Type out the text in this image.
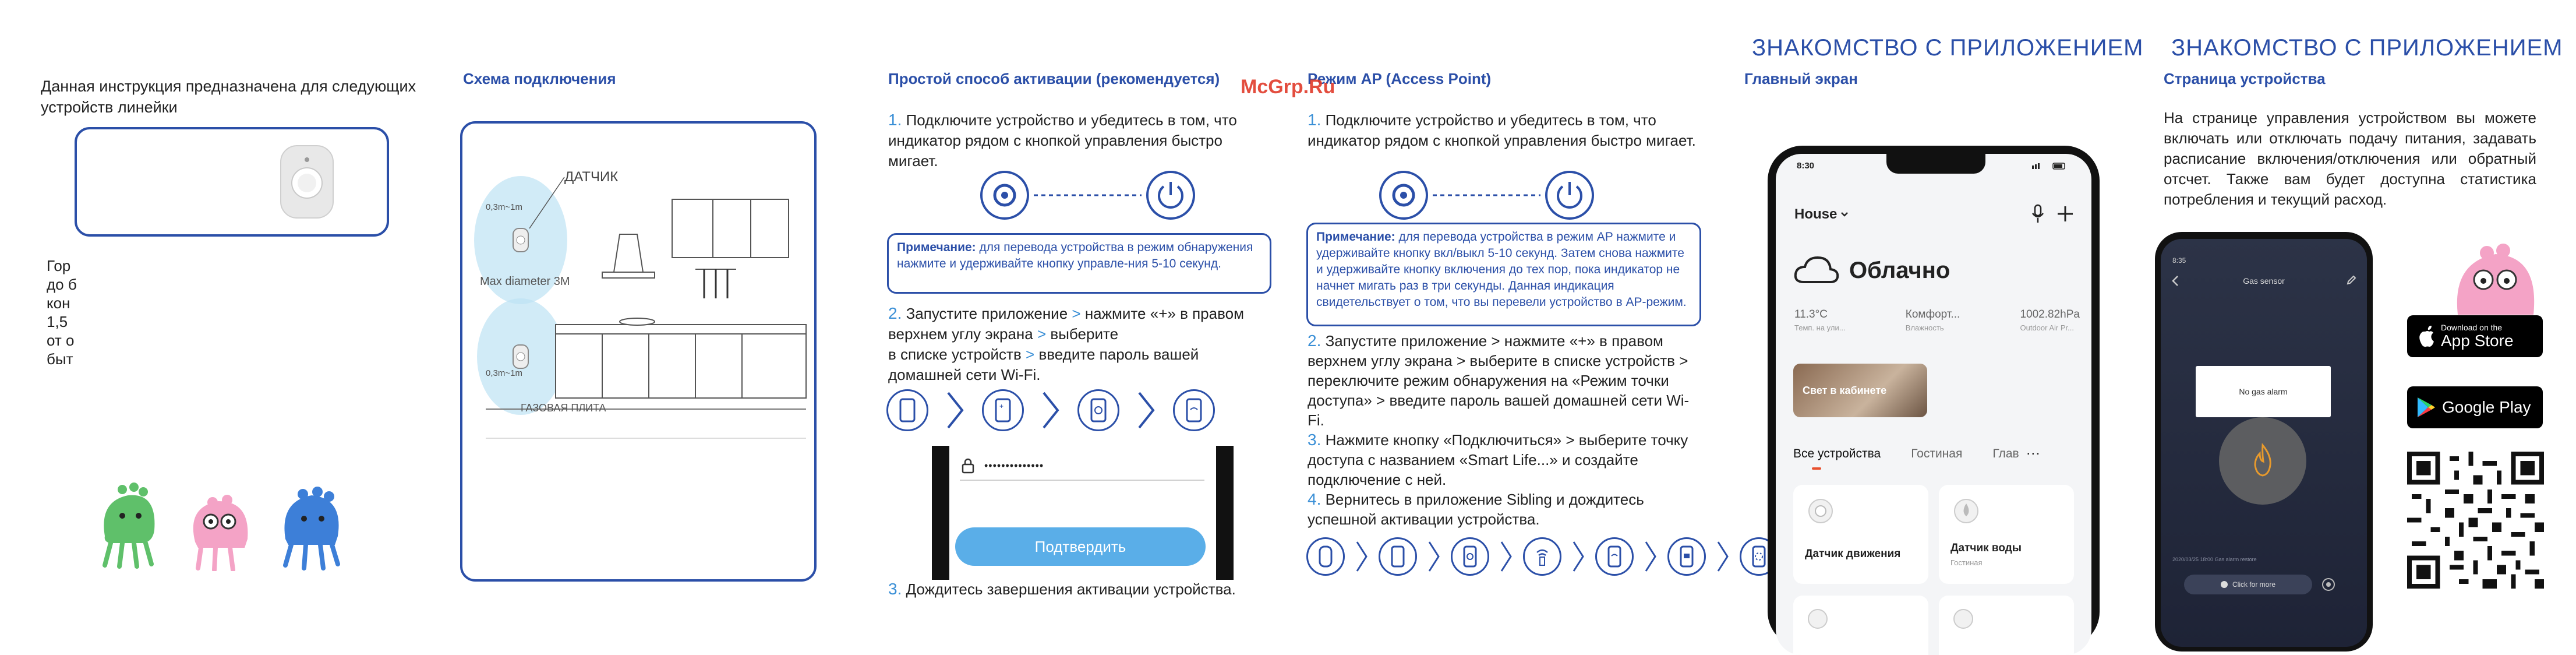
Данная инструкция предназначена для следующих устройств линейки
Гор
до б
кон
1,5
от о
быт
Схема подключения
ДАТЧИК
0,3m~1m
Max diameter 3M
0,3m~1m
ГАЗОВАЯ ПЛИТА
Простой способ активации (рекомендуется)
1. Подключите устройство и убедитесь в том, что индикатор рядом с кнопкой управления быстро мигает.
Примечание: для перевода устройства в режим обнаружения нажмите и удерживайте кнопку управле-ния 5-10 секунд.
2. Запустите приложение > нажмите «+» в правом верхнем углу экрана > выберите
в списке устройств > введите пароль вашей домашней сети Wi-Fi.
+
••••••••••••••
Подтвердить
3. Дождитесь завершения активации устройства.
Режим AP (Access Point)
1. Подключите устройство и убедитесь в том, что индикатор рядом с кнопкой управления быстро мигает.
Примечание: для перевода устройства в режим AP нажмите и удерживайте кнопку вкл/выкл 5-10 секунд. Затем снова нажмите и удерживайте кнопку включения до тех пор, пока индикатор не начнет мигать раз в три секунды. Данная индикация свидетельствует о том, что вы перевели устройство в AP-режим.
2. Запустите приложение > нажмите «+» в правом верхнем углу экрана > выберите в списке устройств > переключите режим обнаружения на «Режим точки доступа» > введите пароль вашей домашней сети Wi-Fi.
3. Нажмите кнопку «Подключиться» > выберите точку доступа с названием «Smart Life...» и создайте подключение с ней.
4. Вернитесь в приложение Sibling и дождитесь успешной активации устройства.
McGrp.Ru
ЗНАКОМСТВО С ПРИЛОЖЕНИЕМ
Главный экран
8:30
House
Облачно
11.3°C
Темп. на ули...
Комфорт...
Влажность
1002.82hPa
Outdoor Air Pr...
Свет в кабинете
Все устройства Гостиная Глав ⋯
Датчик движения	Датчик воды
Гостиная
ЗНАКОМСТВО С ПРИЛОЖЕНИЕМ
Страница устройства
На странице управления устройством вы можете включать или отключать подачу питания, задавать расписание включения/отключения или обратный отсчет. Также вам будет доступна статистика потребления и текущий расход.
8:35
Gas sensor
No gas alarm
2020/03/25 18:00 Gas alarm restore
Click for more
Download on the
App Store
Google Play
